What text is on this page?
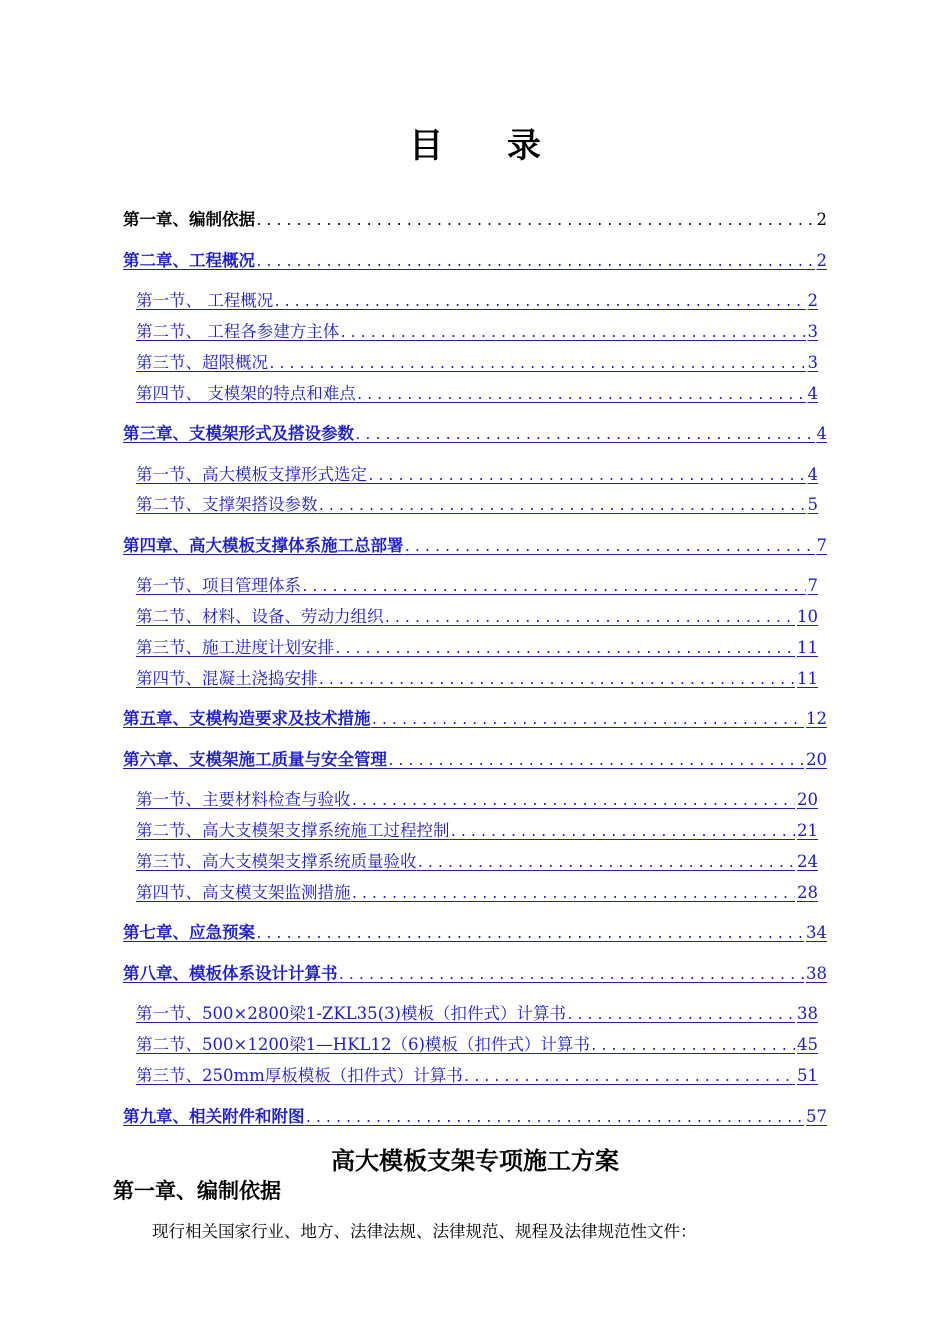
目 录
第一章、编制依据 .....	2
第二章、工程概况 .....	2
第一节、 工程概况 .....	2
第二节、 工程各参建方主体 .....	3
第三节、超限概况 .....	3
第四节、 支模架的特点和难点 .....	4
第三章、支模架形式及搭设参数 .....	4
第一节、高大模板支撑形式选定 .....	4
第二节、支撑架搭设参数 .....	5
第四章、高大模板支撑体系施工总部署 .....	7
第一节、项目管理体系 .....	7
第二节、材料、设备、劳动力组织 .....	10
第三节、施工进度计划安排 .....	11
第四节、混凝土浇捣安排 .....	11
第五章、支模构造要求及技术措施 .....	12
第六章、支模架施工质量与安全管理 .....	20
第一节、主要材料检查与验收 .....	20
第二节、高大支模架支撑系统施工过程控制 .....	21
第三节、高大支模架支撑系统质量验收 .....	24
第四节、高支模支架监测措施 .....	28
第七章、应急预案 .....	34
第八章、模板体系设计计算书 .....	38
第一节、500×2800梁1-ZKL35(3)模板（扣件式）计算书 .....	38
第二节、500×1200梁1—HKL12（6)模板（扣件式）计算书 .....	45
第三节、250mm厚板模板（扣件式）计算书 .....	51
第九章、相关附件和附图 .....	57
高大模板支架专项施工方案
第一章、编制依据
现行相关国家行业、地方、法律法规、法律规范、规程及法律规范性文件：
